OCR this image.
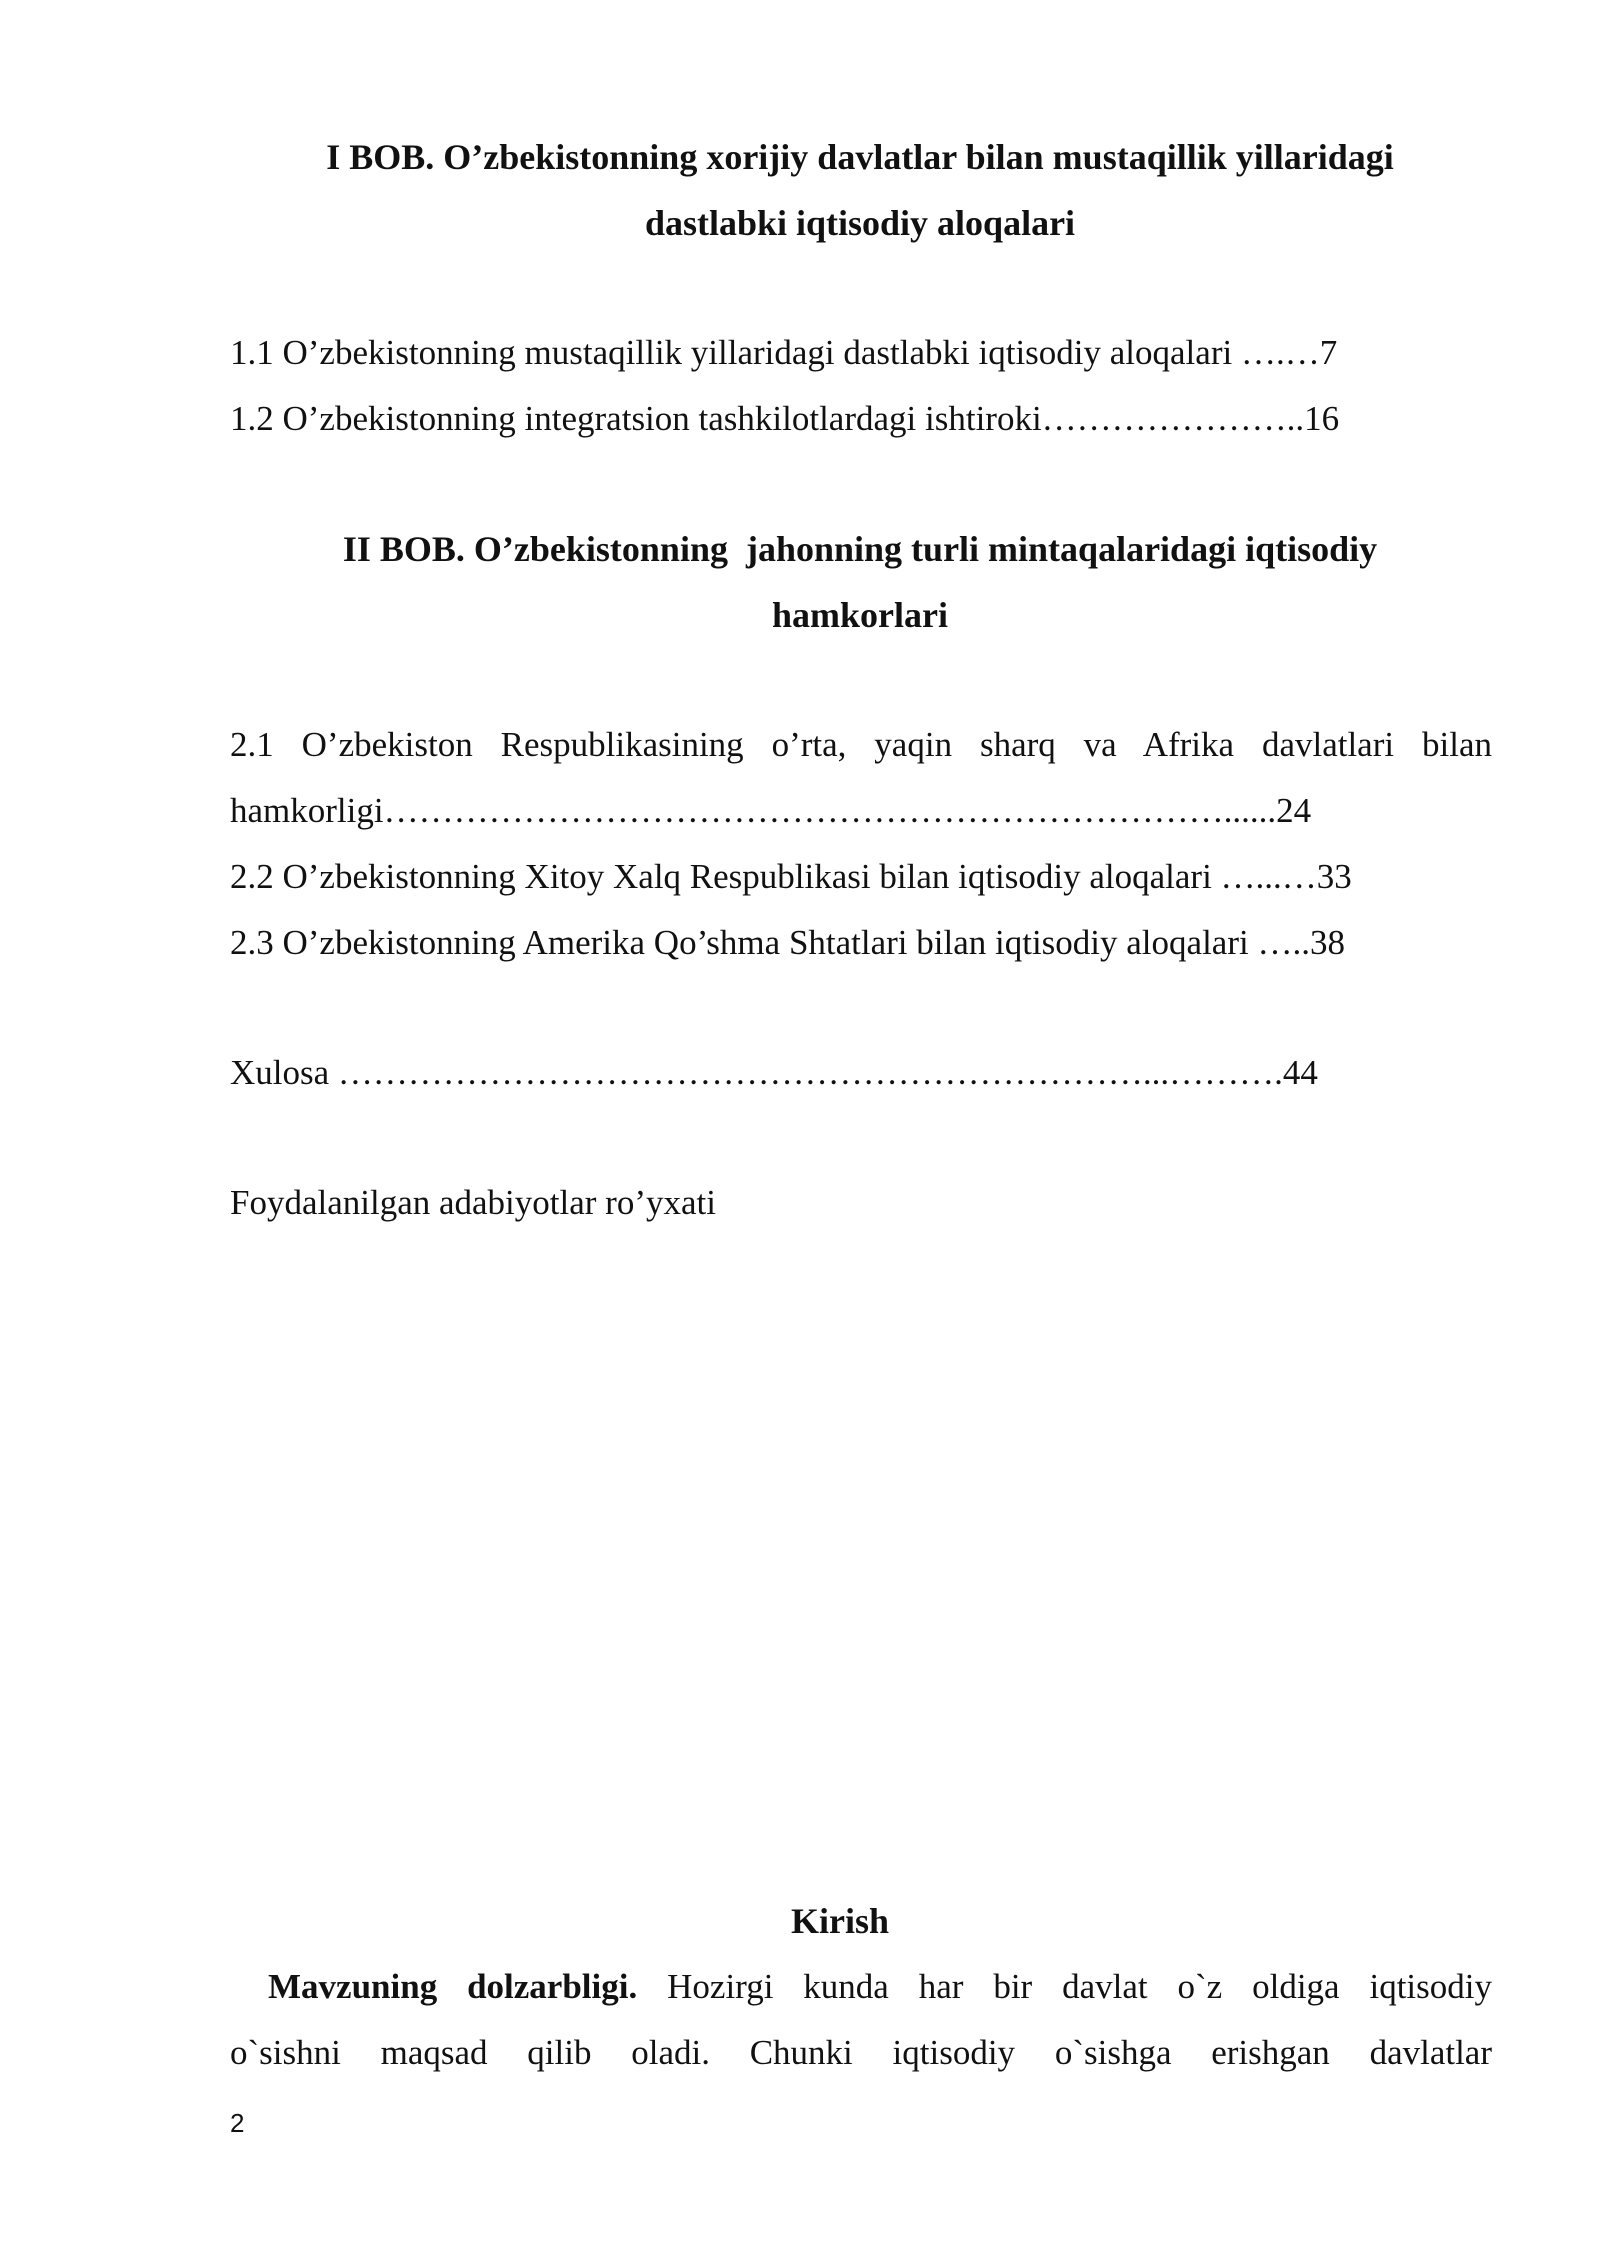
I BOB. O’zbekistonning xorijiy davlatlar bilan mustaqillik yillaridagi
dastlabki iqtisodiy aloqalari
1.1 O’zbekistonning mustaqillik yillaridagi dastlabki iqtisodiy aloqalari ….…7
1.2 O’zbekistonning integratsion tashkilotlardagi ishtiroki…………………..16
II BOB. O’zbekistonning  jahonning turli mintaqalaridagi iqtisodiy
hamkorlari
2.1 O’zbekiston Respublikasining o’rta, yaqin sharq va Afrika davlatlari bilan
hamkorligi………………………………………………………………......24
2.2 O’zbekistonning Xitoy Xalq Respublikasi bilan iqtisodiy aloqalari …...…33
2.3 O’zbekistonning Amerika Qo’shma Shtatlari bilan iqtisodiy aloqalari …..38
Xulosa ……………………………………………………………...……….44
Foydalanilgan adabiyotlar ro’yxati
Kirish
Mavzuning dolzarbligi. Hozirgi kunda har bir davlat o`z oldiga iqtisodiy
o`sishni maqsad qilib oladi. Chunki iqtisodiy o`sishga erishgan davlatlar
2
